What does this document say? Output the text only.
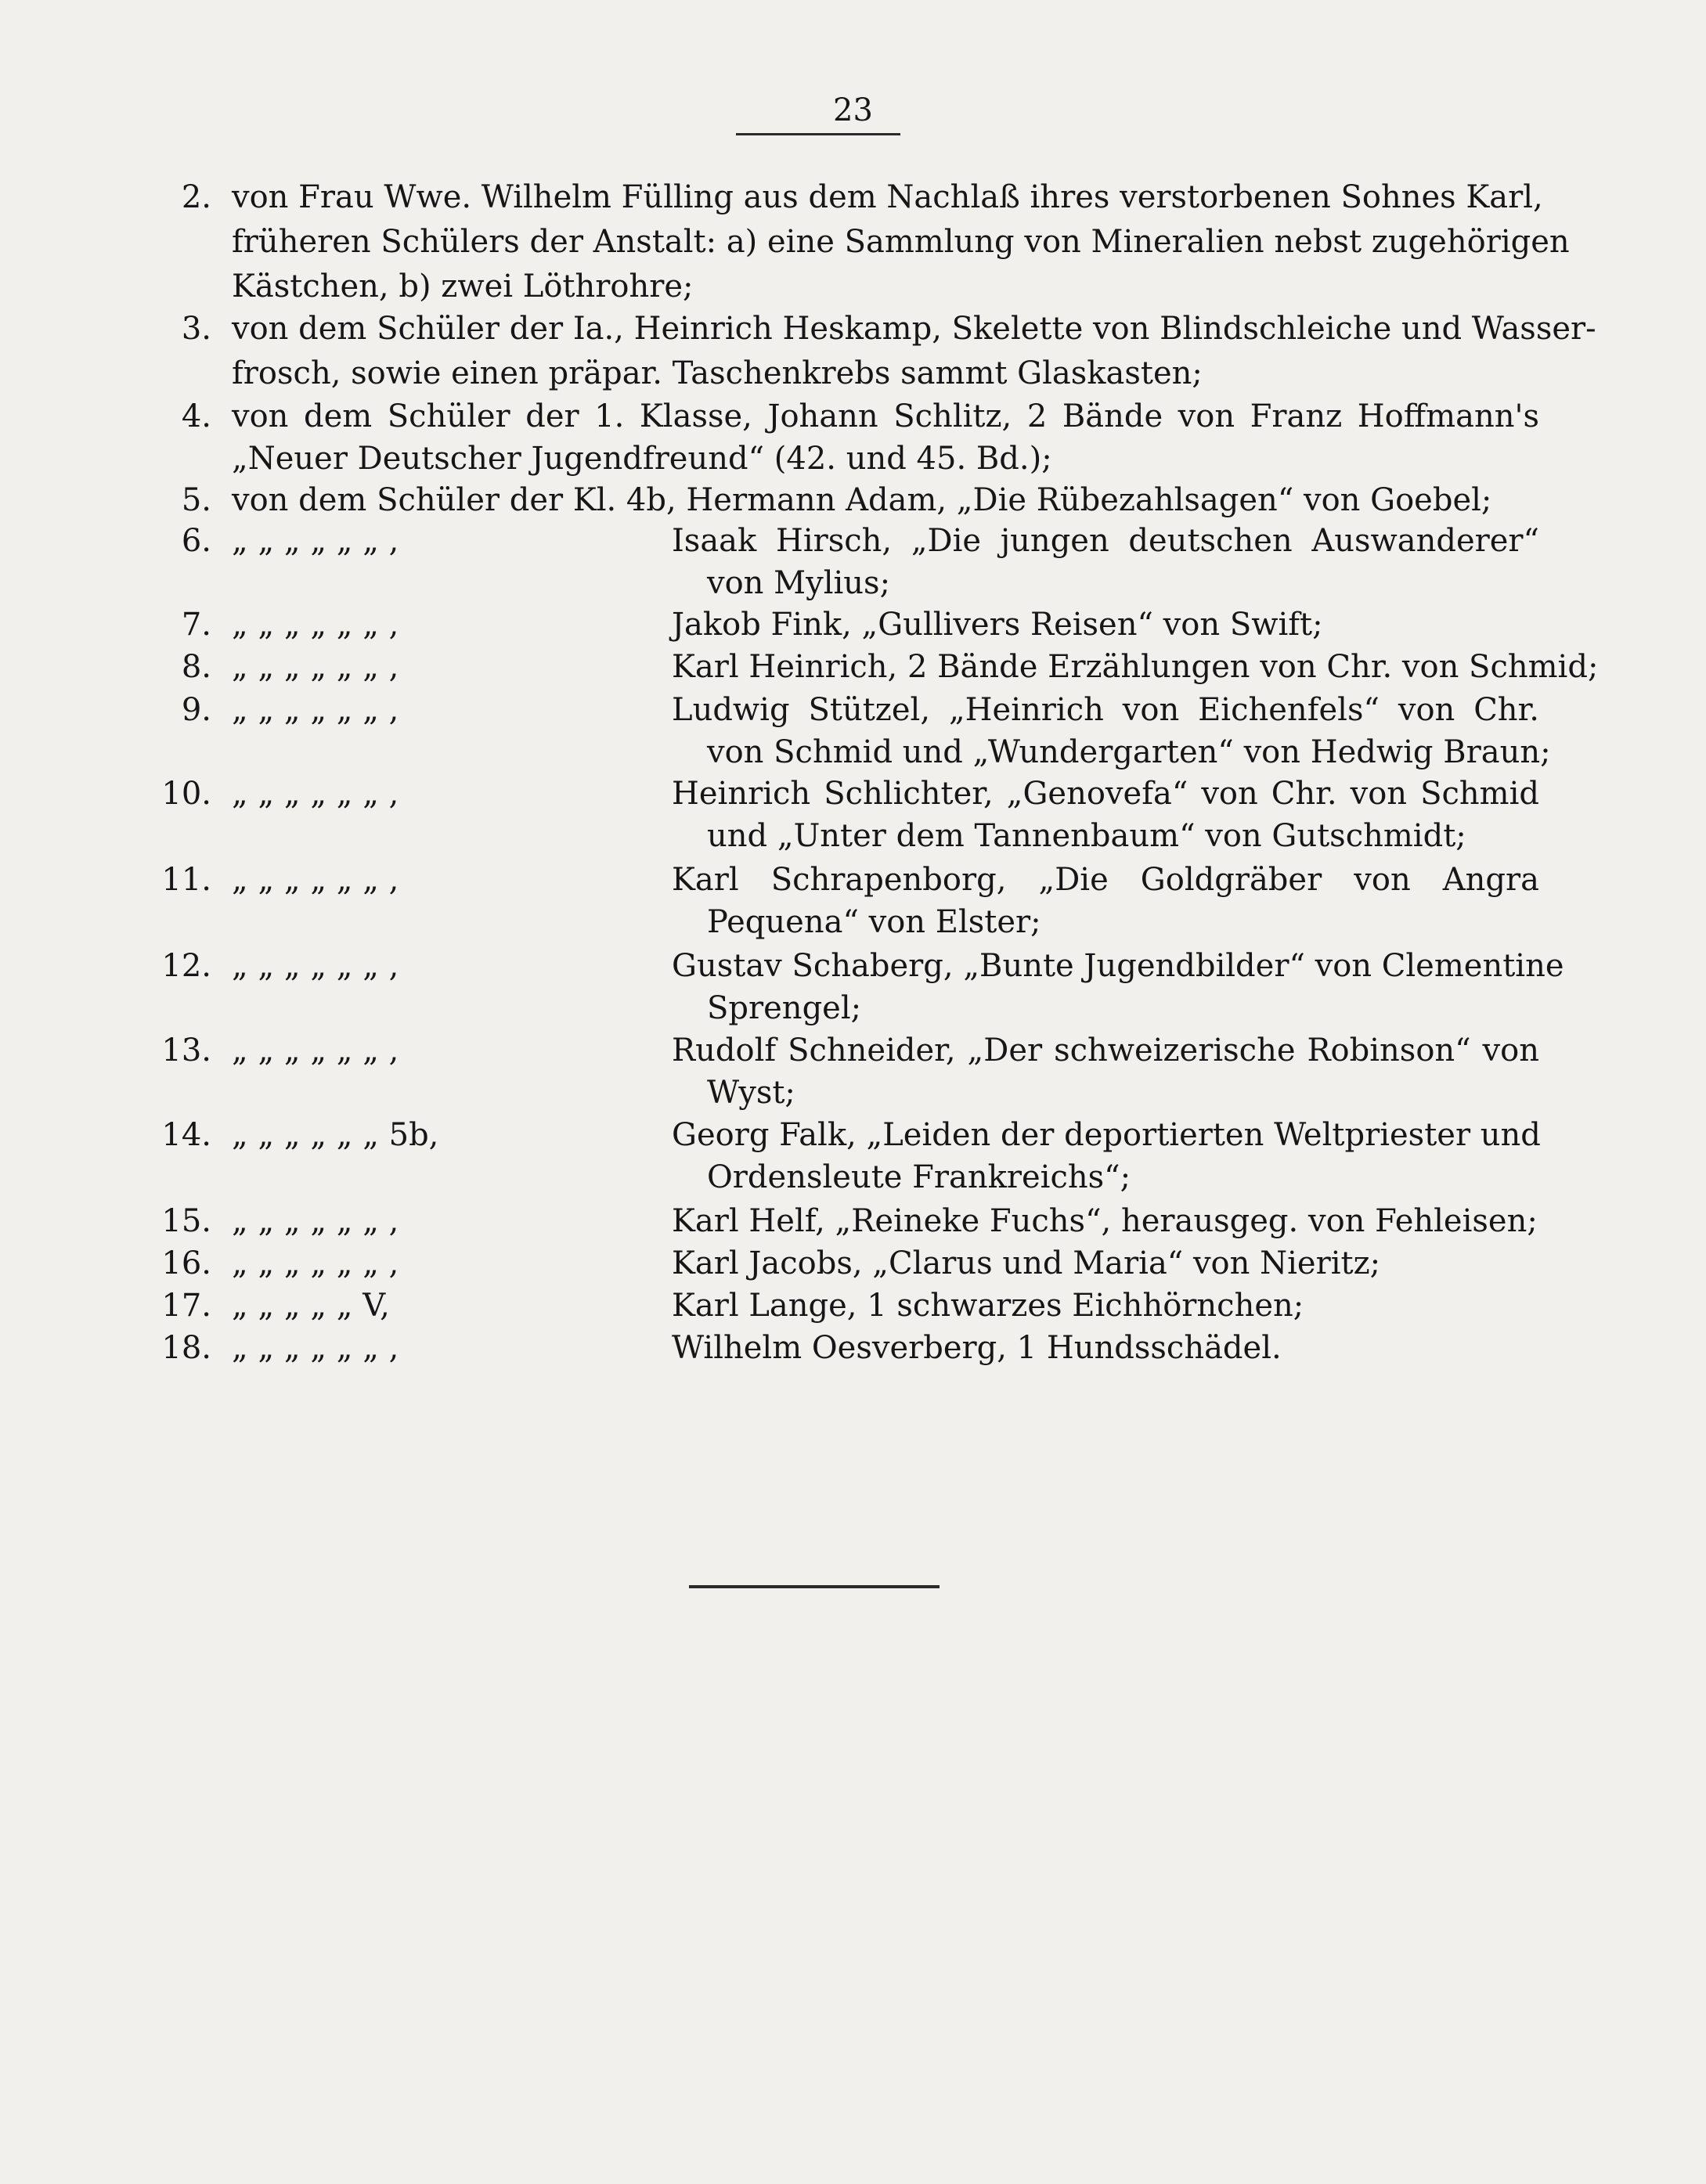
23
2. von Frau Wwe. Wilhelm Fülling aus dem Nachlaß ihres verstorbenen Sohnes Karl,
früheren Schülers der Anstalt: a) eine Sammlung von Mineralien nebst zugehörigen
Kästchen, b) zwei Löthrohre;
3. von dem Schüler der Ia., Heinrich Heskamp, Skelette von Blindschleiche und Wasser-
frosch, sowie einen präpar. Taschenkrebs sammt Glaskasten;
4. von dem Schüler der 1. Klasse, Johann Schlitz, 2 Bände von Franz Hoffmann's
„Neuer Deutscher Jugendfreund“ (42. und 45. Bd.);
5. von dem Schüler der Kl. 4b, Hermann Adam, „Die Rübezahlsagen“ von Goebel;
6. „ „ „ „ „ „ ,	Isaak Hirsch, „Die jungen deutschen Auswanderer“
von Mylius;
7. „ „ „ „ „ „ ,	Jakob Fink, „Gullivers Reisen“ von Swift;
8. „ „ „ „ „ „ ,	Karl Heinrich, 2 Bände Erzählungen von Chr. von Schmid;
9. „ „ „ „ „ „ ,	Ludwig Stützel, „Heinrich von Eichenfels“ von Chr.
von Schmid und „Wundergarten“ von Hedwig Braun;
10. „ „ „ „ „ „ ,	Heinrich Schlichter, „Genovefa“ von Chr. von Schmid
und „Unter dem Tannenbaum“ von Gutschmidt;
11. „ „ „ „ „ „ ,	Karl Schrapenborg, „Die Goldgräber von Angra
Pequena“ von Elster;
12. „ „ „ „ „ „ ,	Gustav Schaberg, „Bunte Jugendbilder“ von Clementine
Sprengel;
13. „ „ „ „ „ „ ,	Rudolf Schneider, „Der schweizerische Robinson“ von
Wyst;
14. „ „ „ „ „ „ 5b,	Georg Falk, „Leiden der deportierten Weltpriester und
Ordensleute Frankreichs“;
15. „ „ „ „ „ „ ,	Karl Helf, „Reineke Fuchs“, herausgeg. von Fehleisen;
16. „ „ „ „ „ „ ,	Karl Jacobs, „Clarus und Maria“ von Nieritz;
17. „ „ „ „ „ V,	Karl Lange, 1 schwarzes Eichhörnchen;
18. „ „ „ „ „ „ ,	Wilhelm Oesverberg, 1 Hundsschädel.
